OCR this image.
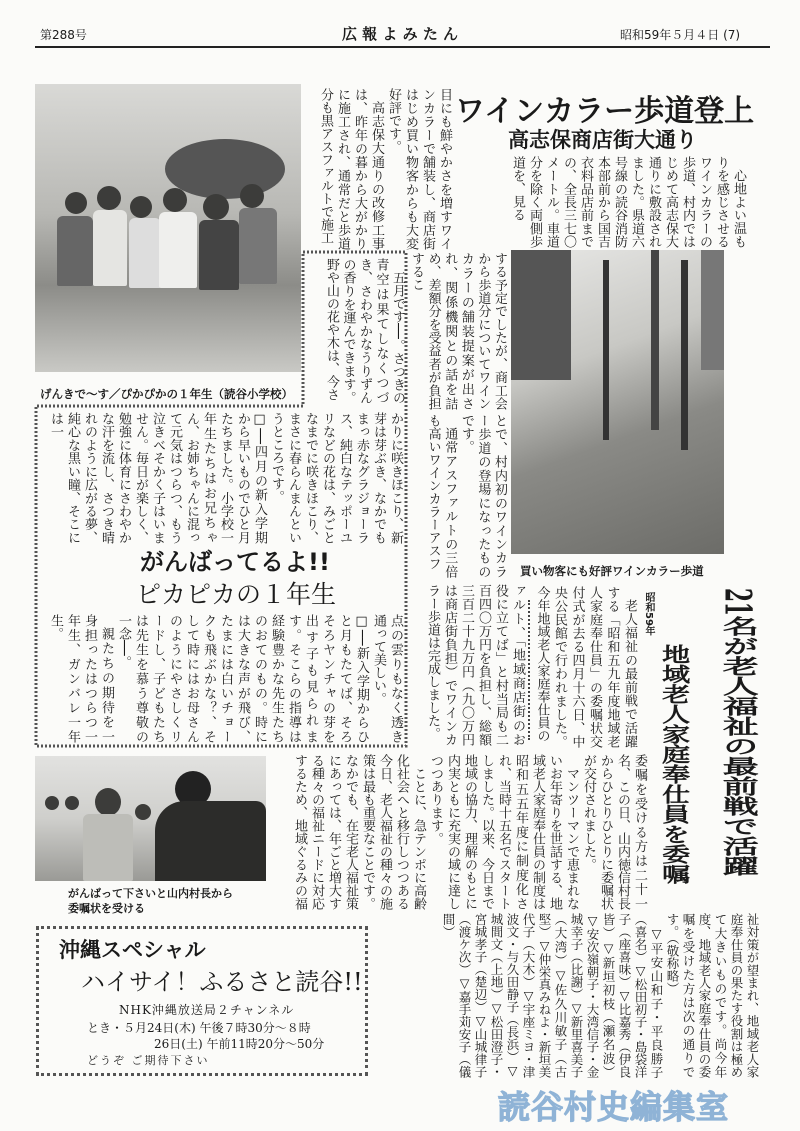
第288号	広 報 よ み た ん	昭和59年５月４日 (7)
げんきで〜す／ぴかぴかの１年生（読谷小学校）
ワインカラー歩道登上
高志保商店街大通り

心地よい温もりを感じさせるワインカラーの歩道、村内ではじめて高志保大通りに敷設されました。県道六号線の読谷消防本部前から国吉衣料品店前までの、全長三七〇メートル。車道分を除く両側歩道を、見る

目にも鮮やかさを増すワインカラーで舗装し、商店街はじめ買い物客からも大変好評です。

高志保大通りの改修工事は、昨年の暮から大がかりに施工され、通常だと歩道分も黒アスファルトで施工

する予定でしたが、商工会から歩道分についてワインカラーの舗装提案が出され、関係機関との話を詰め、差額分を受益者が負担するこ

とで、村内初のワインカラー歩道の登場になったものです。

通常アスファルトの三倍も高いワインカラーアスフ

ァルト、「地域商店街のお役に立てば」と村当局も二百四〇万円を負担し、総額三百二十九万円（九〇万円は商店街負担）でワインカラー歩道は完成しました。

買い物客にも好評ワインカラー歩道

五月です──。さつきの青空は果てしなくつづき、さわやかなうりずんの香りを運んできます。野や山の花や木は、今さ

かりに咲きほこり、新芽は芽ぶき、なかでもまっ赤なグラジョーラス、純白なテッポーユリなどの花は、みごとなまでに咲きほこり、まさに春らんまんというところです。

□──四月の新入学期から早いものでひと月たちました。小学校一年生たちはお兄ちゃん、お姉ちゃんに混って元気はつらつ、もう泣きべそかく子はいません。毎日が楽しく、勉強に体育にさわやかな汗を流し、さつき晴れのように広がる夢、純心な黒い瞳、そこには一

がんばってるよ!!
ピカピカの１年生

点の雲りもなく透き通って美しい。

□──新入学期からひと月もたてば、そろそろヤンチャの芽を出す子も見られます。そこらの指導は経験豊かな先生たちのおてのもの。時には大きな声が飛び、たまには白いチョークも飛ぶかな？、そして時にはお母さんのようにやさしくリードし、子どもたちは先生を慕う尊敬の一念──。

親たちの期待を一身担ったはつらつ一年生、ガンバレ一年生。	21名が老人福祉の最前戦で活躍
地域老人家庭奉仕員を委嘱
昭和59年

老人福祉の最前戦で活躍する「昭和五九年度地域老人家庭奉仕員」の委嘱状交付式が去る四月十六日、中央公民館で行われました。今年地域老人家庭奉仕員の

委嘱を受ける方は二十一名、この日、山内徳信村長からひとりひとりに委嘱状が交付されました。

マンツーマンで恵まれないお年寄りを世話する、地域老人家庭奉仕員の制度は昭和五五年度に制度化され、当時十五名でスタートしました。以来、今日まで地域の協力、理解のもとに内実ともに充実の域に達しつつあります。

ことに、急テンポに高齢化社会へと移行しつつある今日、老人福祉の種々の施策は最も重要なことです。なかでも、在宅老人福祉策にあっては、年ごと増大する種々の福祉ニードに対応するため、地域ぐるみの福

祉対策が望まれ、地域老人家庭奉仕員の果たす役割は極めて大きいものです。尚今年度、地域老人家庭奉仕員の委嘱を受けた方は次の通りです。（敬称略）

▽平安山和子・平良勝子（喜名）▽松田初子・島袋洋子（座喜味）▽比嘉秀（伊良皆）▽新垣初枝（瀬名波）▽安次嶺朝子・大湾信子・金城幸子（比謝）▽新里喜美子（大湾）▽佐久川敏子（古堅）▽仲栄真みねよ・新垣美代子（大木）▽宇座ミヨ・津波文・与久田静子（長浜）▽城間文（上地）▽松田澄子・宮城孝子（楚辺）▽山城律子（渡ケ次）▽嘉手苅安子（儀間）

がんばって下さいと山内村長から
委嘱状を受ける
沖縄スペシャル
ハイサイ！ふるさと読谷!!
NHK沖縄放送局２チャンネル
とき・５月24日(木) 午後７時30分〜８時
26日(土) 午前11時20分〜50分
どうぞ ご期待下さい
読谷村史編集室
